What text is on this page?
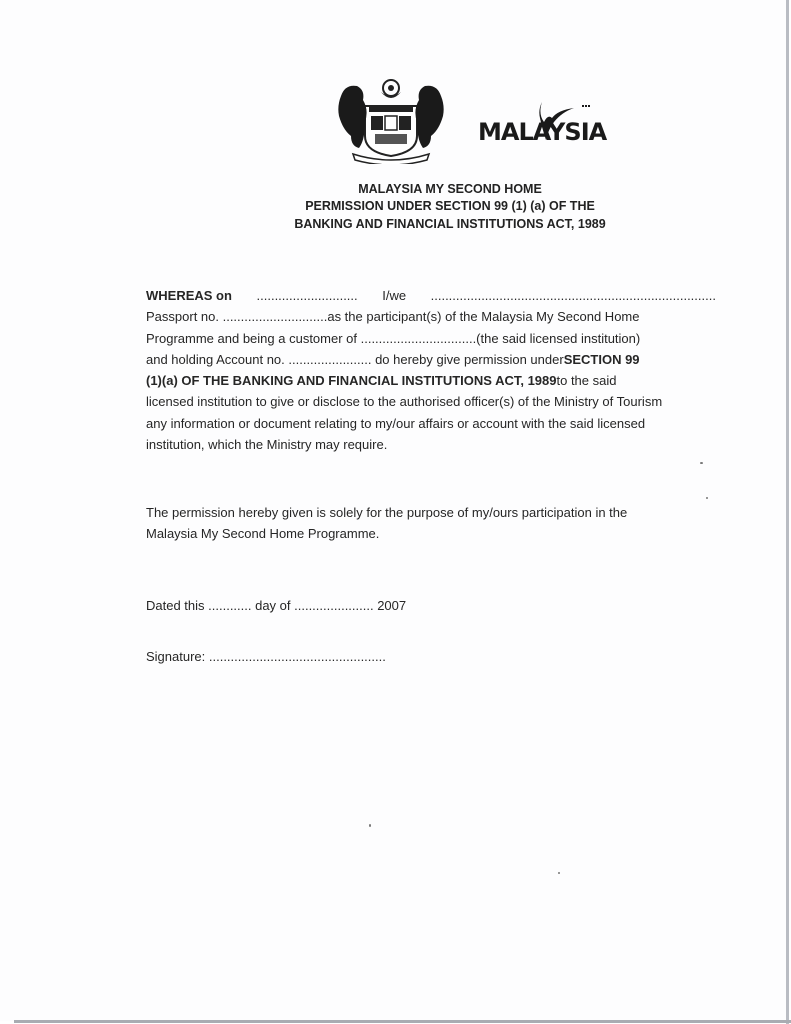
MALAYSIA
MALAYSIA MY SECOND HOME
PERMISSION UNDER SECTION 99 (1) (a) OF THE
BANKING AND FINANCIAL INSTITUTIONS ACT, 1989
WHEREAS on ............................ I/we ...............................................................................
Passport no. .............................as the participant(s) of the Malaysia My Second Home
Programme and being a customer of ................................(the said licensed institution)
and holding Account no. ....................... do hereby give permission underSECTION 99
(1)(a) OF THE BANKING AND FINANCIAL INSTITUTIONS ACT, 1989to the said
licensed institution to give or disclose to the authorised officer(s) of the Ministry of Tourism
any information or document relating to my/our affairs or account with the said licensed
institution, which the Ministry may require.
The permission hereby given is solely for the purpose of my/ours participation in the
Malaysia My Second Home Programme.
Dated this ............ day of ...................... 2007
Signature: .................................................
